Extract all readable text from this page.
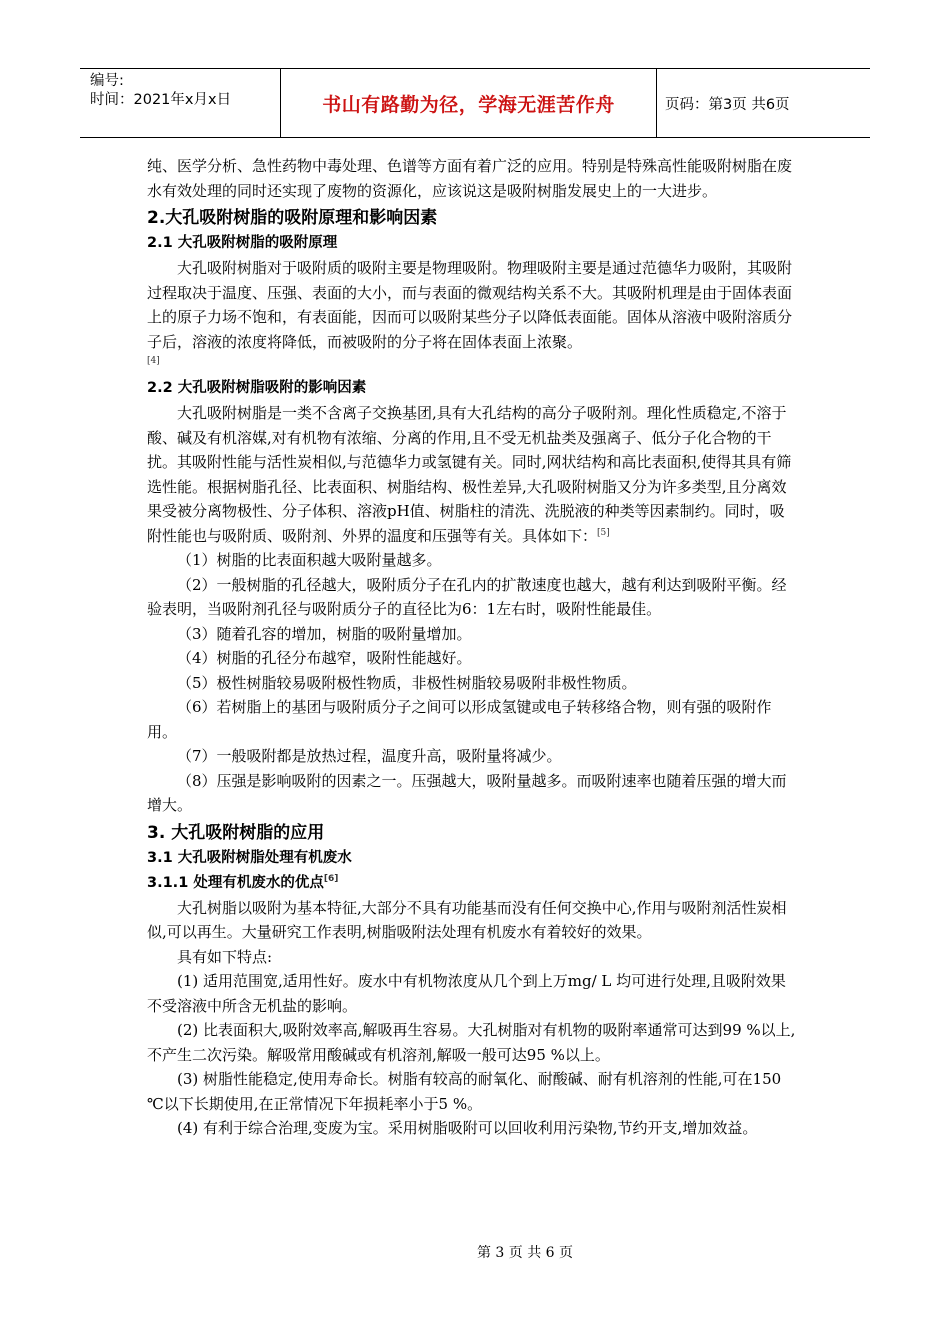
编号:
时间：2021年x月x日	书山有路勤为径，学海无涯苦作舟	页码：第3页 共6页

纯、医学分析、急性药物中毒处理、色谱等方面有着广泛的应用。特别是特殊高性能吸附树脂在废水有效处理的同时还实现了废物的资源化，应该说这是吸附树脂发展史上的一大进步。

2.大孔吸附树脂的吸附原理和影响因素

2.1 大孔吸附树脂的吸附原理

大孔吸附树脂对于吸附质的吸附主要是物理吸附。物理吸附主要是通过范德华力吸附，其吸附过程取决于温度、压强、表面的大小，而与表面的微观结构关系不大。其吸附机理是由于固体表面上的原子力场不饱和，有表面能，因而可以吸附某些分子以降低表面能。固体从溶液中吸附溶质分子后，溶液的浓度将降低，而被吸附的分子将在固体表面上浓聚。

[4]

2.2 大孔吸附树脂吸附的影响因素

大孔吸附树脂是一类不含离子交换基团,具有大孔结构的高分子吸附剂。理化性质稳定,不溶于酸、碱及有机溶媒,对有机物有浓缩、分离的作用,且不受无机盐类及强离子、低分子化合物的干扰。其吸附性能与活性炭相似,与范德华力或氢键有关。同时,网状结构和高比表面积,使得其具有筛选性能。根据树脂孔径、比表面积、树脂结构、极性差异,大孔吸附树脂又分为许多类型,且分离效果受被分离物极性、分子体积、溶液pH值、树脂柱的清洗、洗脱液的种类等因素制约。同时，吸附性能也与吸附质、吸附剂、外界的温度和压强等有关。具体如下：[5]

（1）树脂的比表面积越大吸附量越多。

（2）一般树脂的孔径越大，吸附质分子在孔内的扩散速度也越大，越有利达到吸附平衡。经验表明，当吸附剂孔径与吸附质分子的直径比为6：1左右时，吸附性能最佳。

（3）随着孔容的增加，树脂的吸附量增加。

（4）树脂的孔径分布越窄，吸附性能越好。

（5）极性树脂较易吸附极性物质，非极性树脂较易吸附非极性物质。

（6）若树脂上的基团与吸附质分子之间可以形成氢键或电子转移络合物，则有强的吸附作用。

（7）一般吸附都是放热过程，温度升高，吸附量将减少。

（8）压强是影响吸附的因素之一。压强越大，吸附量越多。而吸附速率也随着压强的增大而增大。

3. 大孔吸附树脂的应用

3.1 大孔吸附树脂处理有机废水

3.1.1 处理有机废水的优点[6]

大孔树脂以吸附为基本特征,大部分不具有功能基而没有任何交换中心,作用与吸附剂活性炭相似,可以再生。大量研究工作表明,树脂吸附法处理有机废水有着较好的效果。

具有如下特点:

(1) 适用范围宽,适用性好。废水中有机物浓度从几个到上万mg/ L 均可进行处理,且吸附效果不受溶液中所含无机盐的影响。

(2) 比表面积大,吸附效率高,解吸再生容易。大孔树脂对有机物的吸附率通常可达到99 %以上,不产生二次污染。解吸常用酸碱或有机溶剂,解吸一般可达95 %以上。

(3) 树脂性能稳定,使用寿命长。树脂有较高的耐氧化、耐酸碱、耐有机溶剂的性能,可在150 ℃以下长期使用,在正常情况下年损耗率小于5 %。

(4) 有利于综合治理,变废为宝。采用树脂吸附可以回收利用污染物,节约开支,增加效益。

第 3 页 共 6 页
